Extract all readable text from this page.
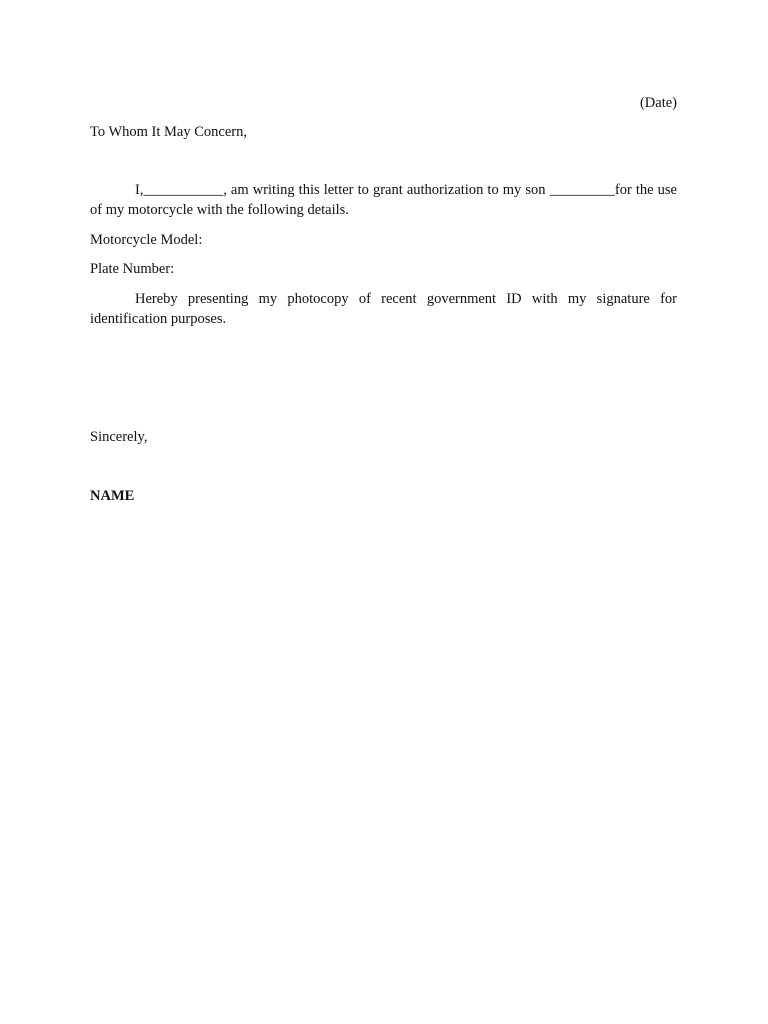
(Date)
To Whom It May Concern,
I,___________, am writing this letter to grant authorization to my son _________for the use of my motorcycle with the following details.
Motorcycle Model:
Plate Number:
Hereby presenting my photocopy of recent government ID with my signature for identification purposes.
Sincerely,
NAME
